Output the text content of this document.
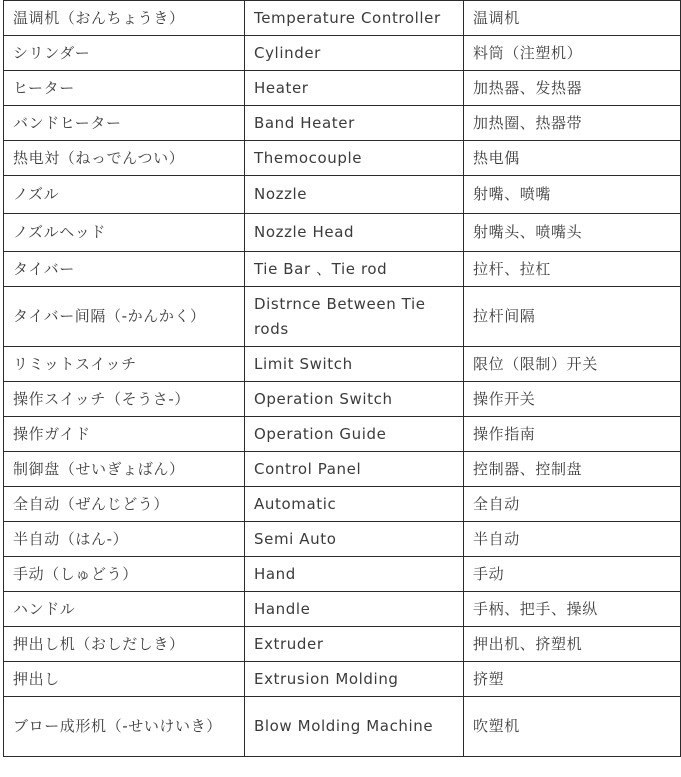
温调机（おんちょうき）	Temperature Controller	温调机
シリンダー	Cylinder	料筒（注塑机）
ヒーター	Heater	加热器、发热器
バンドヒーター	Band Heater	加热圈、热器带
热电対（ねっでんつい）	Themocouple	热电偶
ノズル	Nozzle	射嘴、喷嘴
ノズルヘッド	Nozzle Head	射嘴头、喷嘴头
タイバー	Tie Bar 、Tie rod	拉杆、拉杠
タイバー间隔（-かんかく）	Distrnce Between Tie rods	拉杆间隔
リミットスイッチ	Limit Switch	限位（限制）开关
操作スイッチ（そうさ-）	Operation Switch	操作开关
操作ガイド	Operation Guide	操作指南
制御盘（せいぎょばん）	Control Panel	控制器、控制盘
全自动（ぜんじどう）	Automatic	全自动
半自动（はん-）	Semi Auto	半自动
手动（しゅどう）	Hand	手动
ハンドル	Handle	手柄、把手、操纵
押出し机（おしだしき）	Extruder	押出机、挤塑机
押出し	Extrusion Molding	挤塑
ブロー成形机（-せいけいき）	Blow Molding Machine	吹塑机
